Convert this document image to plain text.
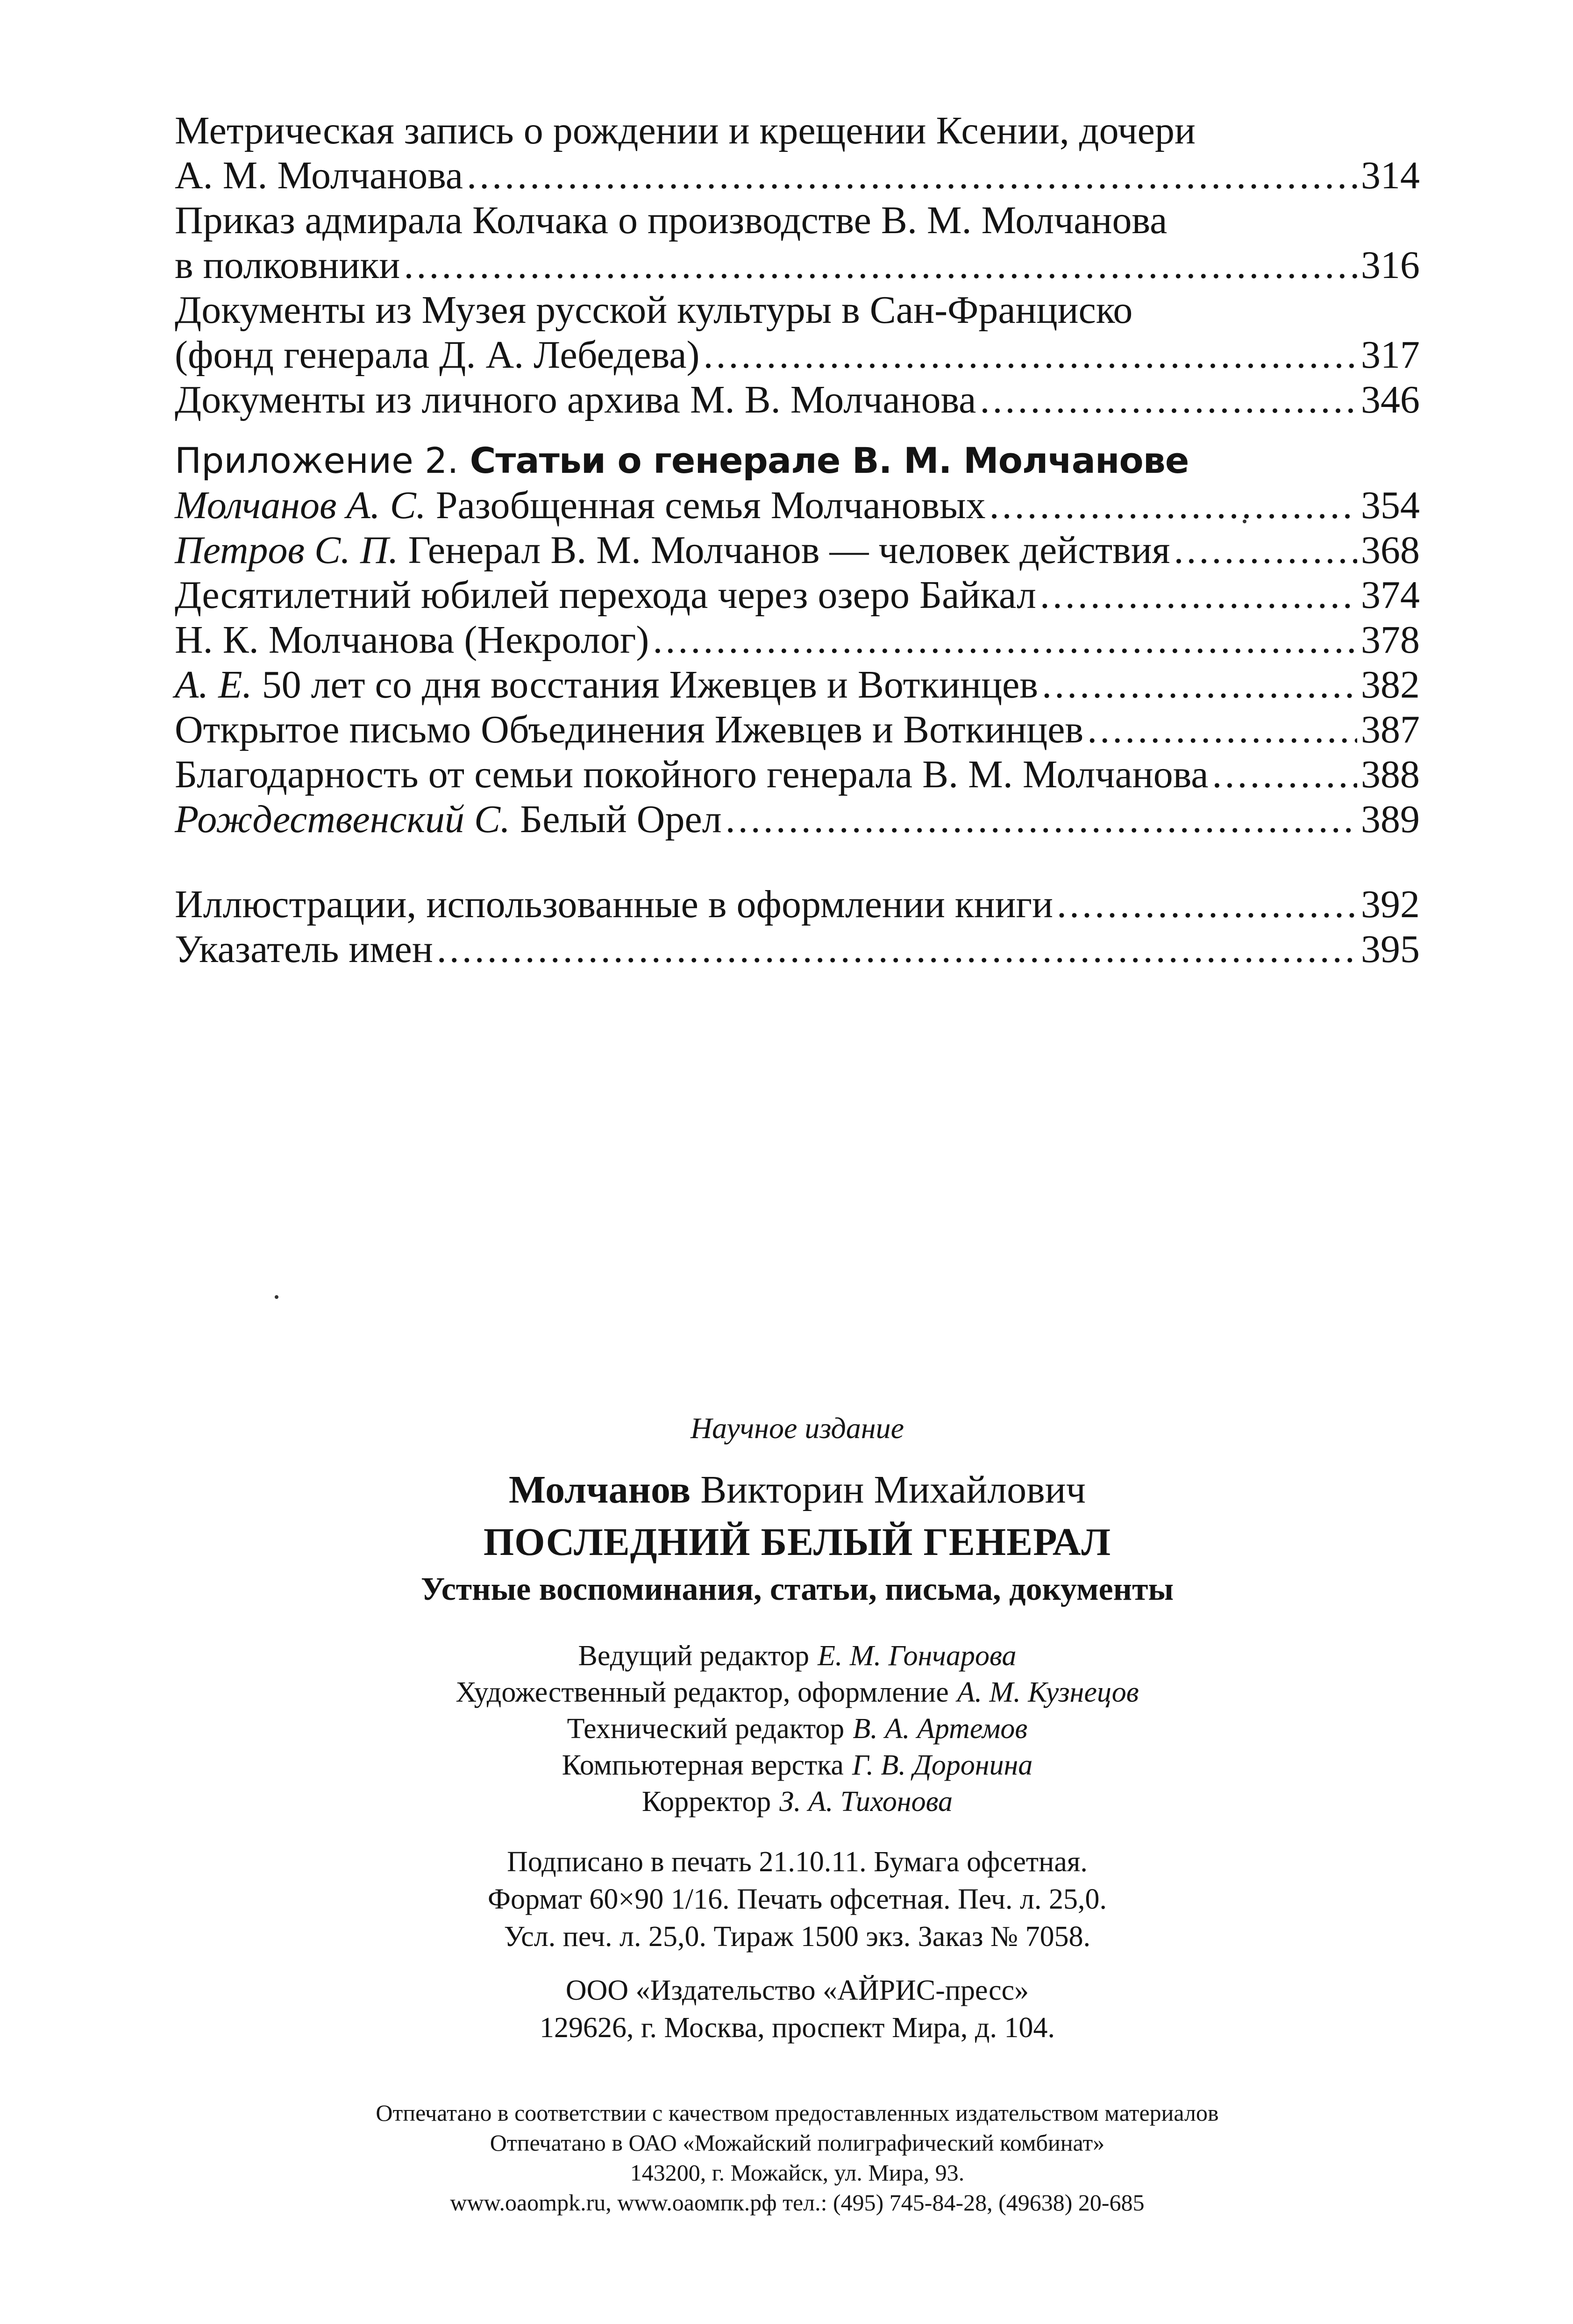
Метрическая запись о рождении и крещении Ксении, дочери
А. М. Молчанова .....	314
Приказ адмирала Колчака о производстве В. М. Молчанова
в полковники .....	316
Документы из Музея русской культуры в Сан-Франциско
(фонд генерала Д. А. Лебедева) .....	317
Документы из личного архива М. В. Молчанова .....	346
Приложение 2. Статьи о генерале В. М. Молчанове
Молчанов А. С. Разобщенная семья Молчановых .....	354
Петров С. П. Генерал В. М. Молчанов — человек действия .....	368
Десятилетний юбилей перехода через озеро Байкал .....	374
Н. К. Молчанова (Некролог) .....	378
А. Е. 50 лет со дня восстания Ижевцев и Воткинцев .....	382
Открытое письмо Объединения Ижевцев и Воткинцев .....	387
Благодарность от семьи покойного генерала В. М. Молчанова .....	388
Рождественский С. Белый Орел .....	389
Иллюстрации, использованные в оформлении книги .....	392
Указатель имен .....	395
Научное издание
Молчанов Викторин Михайлович
ПОСЛЕДНИЙ БЕЛЫЙ ГЕНЕРАЛ
Устные воспоминания, статьи, письма, документы
Ведущий редактор Е. М. Гончарова
Художественный редактор, оформление А. М. Кузнецов
Технический редактор В. А. Артемов
Компьютерная верстка Г. В. Доронина
Корректор З. А. Тихонова
Подписано в печать 21.10.11. Бумага офсетная.
Формат 60×90 1/16. Печать офсетная. Печ. л. 25,0.
Усл. печ. л. 25,0. Тираж 1500 экз. Заказ № 7058.
ООО «Издательство «АЙРИС-пресс»
129626, г. Москва, проспект Мира, д. 104.
Отпечатано в соответствии с качеством предоставленных издательством материалов
Отпечатано в ОАО «Можайский полиграфический комбинат»
143200, г. Можайск, ул. Мира, 93.
www.oaompk.ru, www.оаомпк.рф тел.: (495) 745-84-28, (49638) 20-685
